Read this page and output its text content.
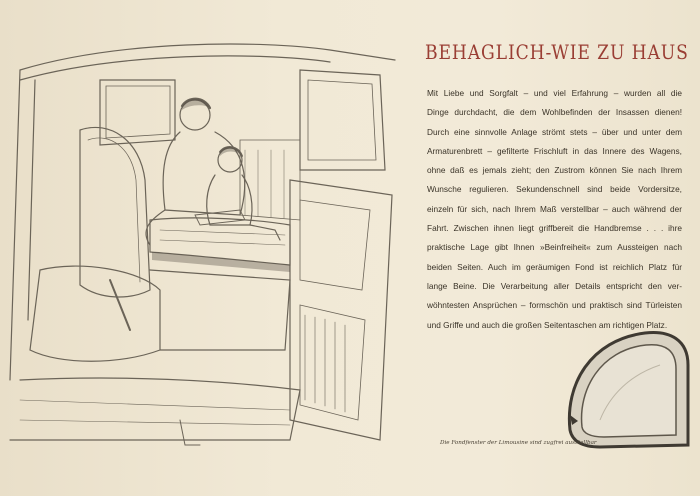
BEHAGLICH-WIE ZU HAUS
Mit Liebe und Sorgfalt – und viel Erfahrung – wurden all die
Dinge durchdacht, die dem Wohlbefinden der Insassen dienen!
Durch eine sinnvolle Anlage strömt stets – über und unter dem
Armaturenbrett – gefilterte Frischluft in das Innere des Wagens,
ohne daß es jemals zieht; den Zustrom können Sie nach Ihrem
Wunsche regulieren. Sekundenschnell sind beide Vordersitze,
einzeln für sich, nach Ihrem Maß verstellbar – auch während der
Fahrt. Zwischen ihnen liegt griffbereit die Handbremse . . . ihre
praktische Lage gibt Ihnen »Beinfreiheit« zum Aussteigen nach
beiden Seiten. Auch im geräumigen Fond ist reichlich Platz für
lange Beine. Die Verarbeitung aller Details entspricht den ver-
wöhntesten Ansprüchen – formschön und praktisch sind Türleisten
und Griffe und auch die großen Seitentaschen am richtigen Platz.
Die Fondfenster der Limousine sind zugfrei ausstellbar
